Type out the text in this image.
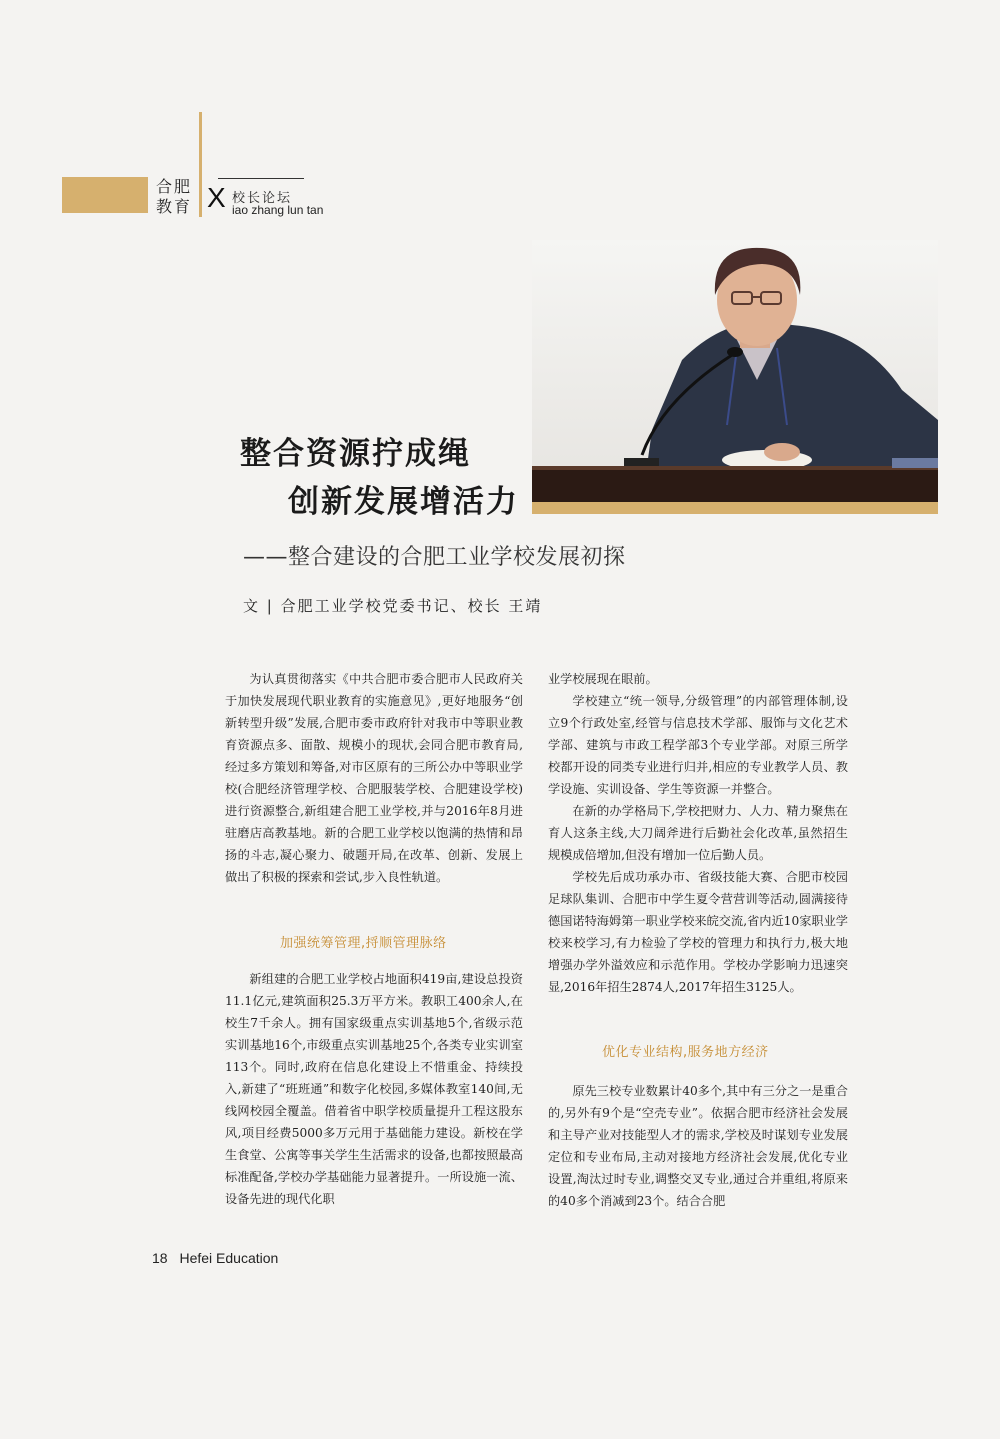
合肥
教育 X 校长论坛
iao zhang lun tan
整合资源拧成绳
创新发展增活力
——整合建设的合肥工业学校发展初探
文 | 合肥工业学校党委书记、校长 王靖

为认真贯彻落实《中共合肥市委合肥市人民政府关于加快发展现代职业教育的实施意见》,更好地服务“创新转型升级”发展,合肥市委市政府针对我市中等职业教育资源点多、面散、规模小的现状,会同合肥市教育局,经过多方策划和筹备,对市区原有的三所公办中等职业学校(合肥经济管理学校、合肥服装学校、合肥建设学校)进行资源整合,新组建合肥工业学校,并与2016年8月进驻磨店高教基地。新的合肥工业学校以饱满的热情和昂扬的斗志,凝心聚力、破题开局,在改革、创新、发展上做出了积极的探索和尝试,步入良性轨道。

加强统筹管理,捋顺管理脉络

新组建的合肥工业学校占地面积419亩,建设总投资11.1亿元,建筑面积25.3万平方米。教职工400余人,在校生7千余人。拥有国家级重点实训基地5个,省级示范实训基地16个,市级重点实训基地25个,各类专业实训室113个。同时,政府在信息化建设上不惜重金、持续投入,新建了“班班通”和数字化校园,多媒体教室140间,无线网校园全覆盖。借着省中职学校质量提升工程这股东风,项目经费5000多万元用于基础能力建设。新校在学生食堂、公寓等事关学生生活需求的设备,也都按照最高标准配备,学校办学基础能力显著提升。一所设施一流、设备先进的现代化职

业学校展现在眼前。

学校建立“统一领导,分级管理”的内部管理体制,设立9个行政处室,经管与信息技术学部、服饰与文化艺术学部、建筑与市政工程学部3个专业学部。对原三所学校都开设的同类专业进行归并,相应的专业教学人员、教学设施、实训设备、学生等资源一并整合。

在新的办学格局下,学校把财力、人力、精力聚焦在育人这条主线,大刀阔斧进行后勤社会化改革,虽然招生规模成倍增加,但没有增加一位后勤人员。

学校先后成功承办市、省级技能大赛、合肥市校园足球队集训、合肥市中学生夏令营营训等活动,圆满接待德国诺特海姆第一职业学校来皖交流,省内近10家职业学校来校学习,有力检验了学校的管理力和执行力,极大地增强办学外溢效应和示范作用。学校办学影响力迅速突显,2016年招生2874人,2017年招生3125人。

优化专业结构,服务地方经济

原先三校专业数累计40多个,其中有三分之一是重合的,另外有9个是“空壳专业”。依据合肥市经济社会发展和主导产业对技能型人才的需求,学校及时谋划专业发展定位和专业布局,主动对接地方经济社会发展,优化专业设置,淘汰过时专业,调整交叉专业,通过合并重组,将原来的40多个消减到23个。结合合肥

18 Hefei Education
